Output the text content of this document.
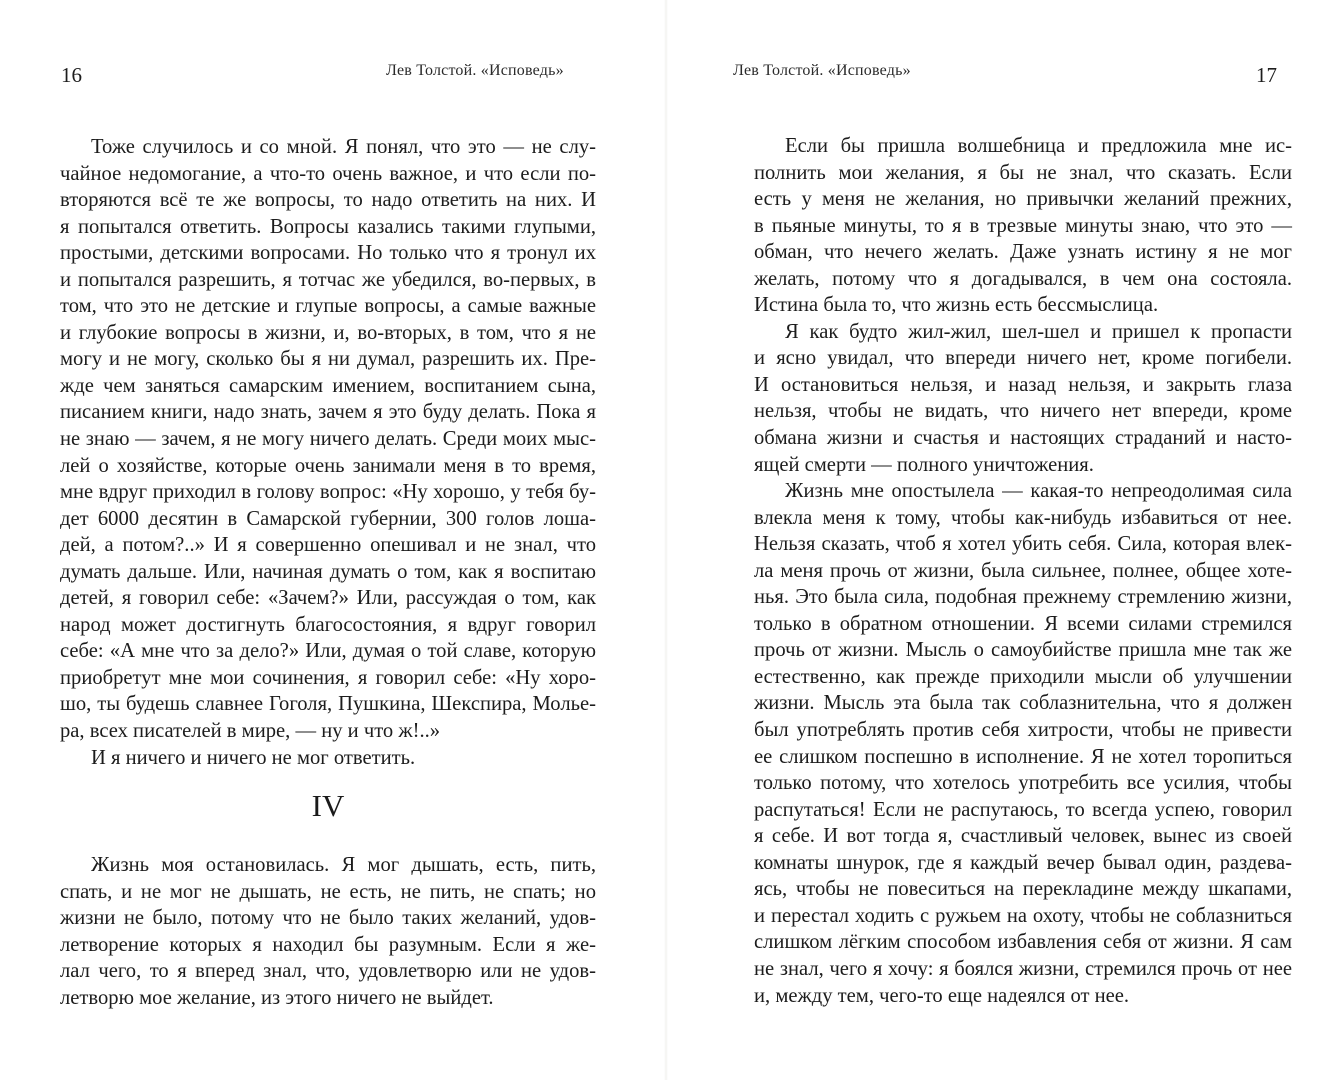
16	Лев Толстой. «Исповедь»
Тоже случилось и со мной. Я понял, что это — не слу-
чайное недомогание, а что-то очень важное, и что если по-
вторяются всё те же вопросы, то надо ответить на них. И
я попытался ответить. Вопросы казались такими глупыми,
простыми, детскими вопросами. Но только что я тронул их
и попытался разрешить, я тотчас же убедился, во-первых, в
том, что это не детские и глупые вопросы, а самые важные
и глубокие вопросы в жизни, и, во-вторых, в том, что я не
могу и не могу, сколько бы я ни думал, разрешить их. Пре-
жде чем заняться самарским имением, воспитанием сына,
писанием книги, надо знать, зачем я это буду делать. Пока я
не знаю — зачем, я не могу ничего делать. Среди моих мыс-
лей о хозяйстве, которые очень занимали меня в то время,
мне вдруг приходил в голову вопрос: «Ну хорошо, у тебя бу-
дет 6000 десятин в Самарской губернии, 300 голов лоша-
дей, а потом?..» И я совершенно опешивал и не знал, что
думать дальше. Или, начиная думать о том, как я воспитаю
детей, я говорил себе: «Зачем?» Или, рассуждая о том, как
народ может достигнуть благосостояния, я вдруг говорил
себе: «А мне что за дело?» Или, думая о той славе, которую
приобретут мне мои сочинения, я говорил себе: «Ну хоро-
шо, ты будешь славнее Гоголя, Пушкина, Шекспира, Молье-
ра, всех писателей в мире, — ну и что ж!..»
И я ничего и ничего не мог ответить.
IV
Жизнь моя остановилась. Я мог дышать, есть, пить,
спать, и не мог не дышать, не есть, не пить, не спать; но
жизни не было, потому что не было таких желаний, удов-
летворение которых я находил бы разумным. Если я же-
лал чего, то я вперед знал, что, удовлетворю или не удов-
летворю мое желание, из этого ничего не выйдет.
Лев Толстой. «Исповедь»	17
Если бы пришла волшебница и предложила мне ис-
полнить мои желания, я бы не знал, что сказать. Если
есть у меня не желания, но привычки желаний прежних,
в пьяные минуты, то я в трезвые минуты знаю, что это —
обман, что нечего желать. Даже узнать истину я не мог
желать, потому что я догадывался, в чем она состояла.
Истина была то, что жизнь есть бессмыслица.
Я как будто жил-жил, шел-шел и пришел к пропасти
и ясно увидал, что впереди ничего нет, кроме погибели.
И остановиться нельзя, и назад нельзя, и закрыть глаза
нельзя, чтобы не видать, что ничего нет впереди, кроме
обмана жизни и счастья и настоящих страданий и насто-
ящей смерти — полного уничтожения.
Жизнь мне опостылела — какая-то непреодолимая сила
влекла меня к тому, чтобы как-нибудь избавиться от нее.
Нельзя сказать, чтоб я хотел убить себя. Сила, которая влек-
ла меня прочь от жизни, была сильнее, полнее, общее хоте-
нья. Это была сила, подобная прежнему стремлению жизни,
только в обратном отношении. Я всеми силами стремился
прочь от жизни. Мысль о самоубийстве пришла мне так же
естественно, как прежде приходили мысли об улучшении
жизни. Мысль эта была так соблазнительна, что я должен
был употреблять против себя хитрости, чтобы не привести
ее слишком поспешно в исполнение. Я не хотел торопиться
только потому, что хотелось употребить все усилия, чтобы
распутаться! Если не распутаюсь, то всегда успею, говорил
я себе. И вот тогда я, счастливый человек, вынес из своей
комнаты шнурок, где я каждый вечер бывал один, раздева-
ясь, чтобы не повеситься на перекладине между шкапами,
и перестал ходить с ружьем на охоту, чтобы не соблазниться
слишком лёгким способом избавления себя от жизни. Я сам
не знал, чего я хочу: я боялся жизни, стремился прочь от нее
и, между тем, чего-то еще надеялся от нее.
